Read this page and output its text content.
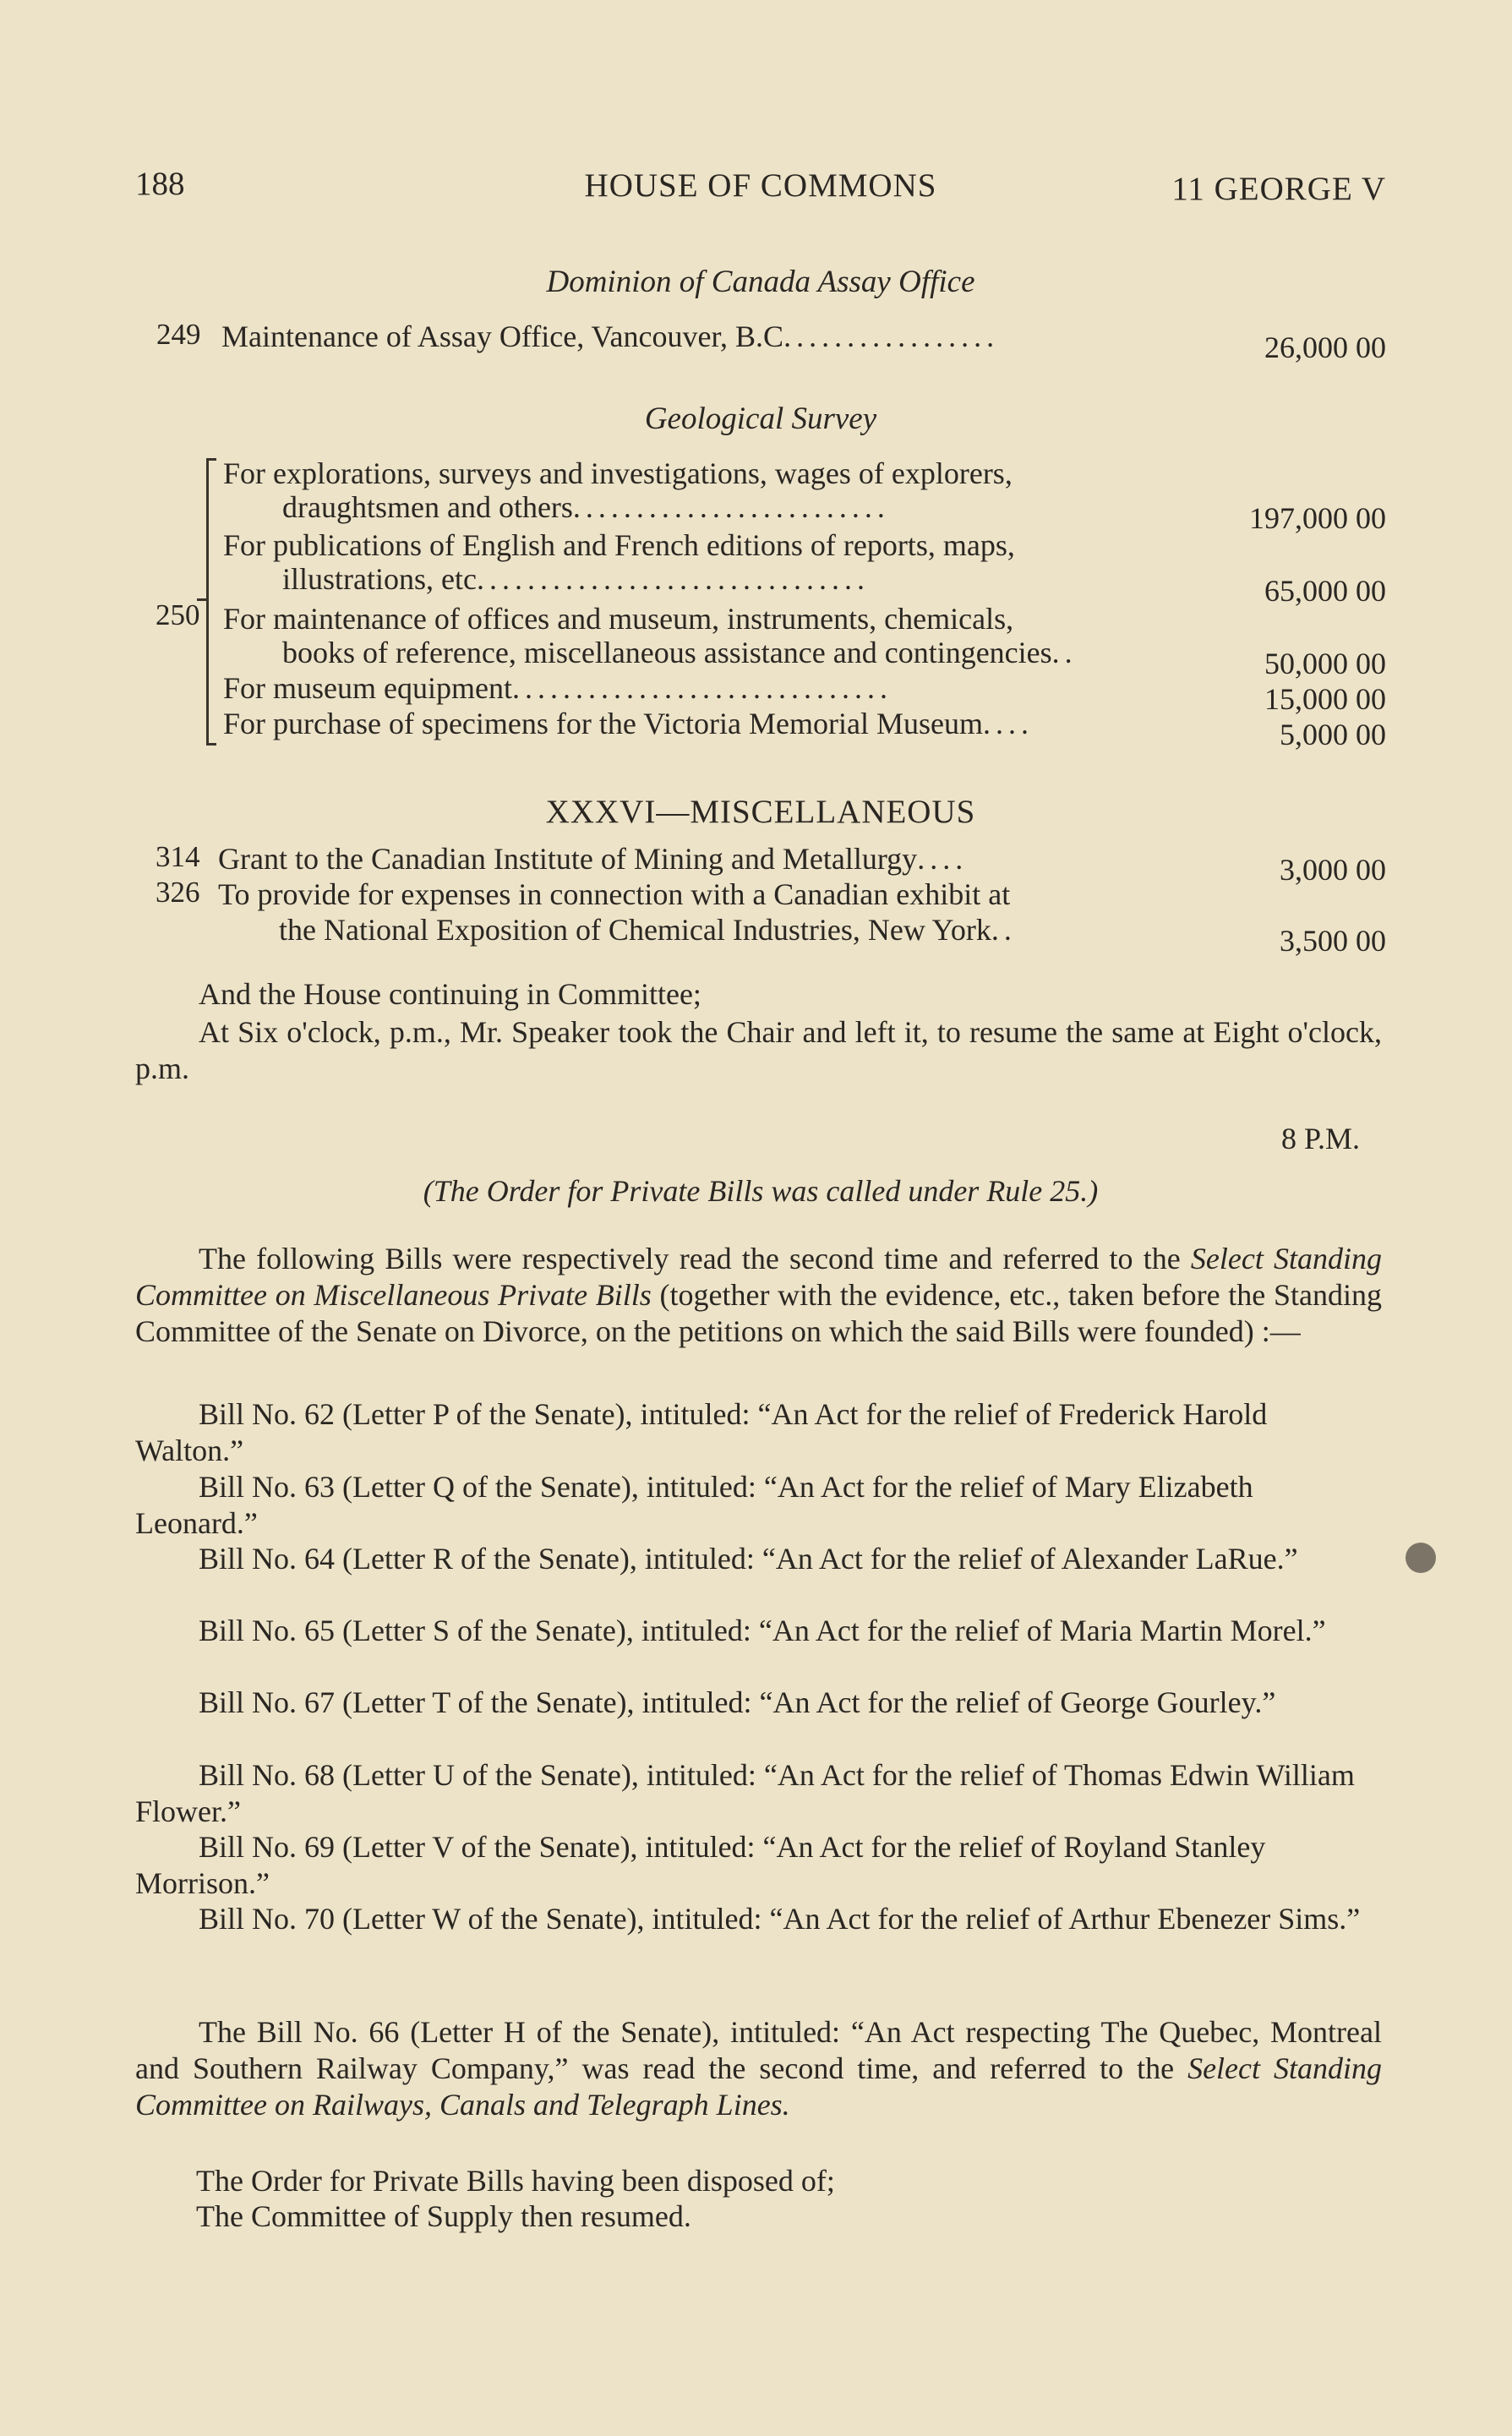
188	HOUSE OF COMMONS	11 GEORGE V
Dominion of Canada Assay Office
249 Maintenance of Assay Office, Vancouver, B.C.................	26,000 00
Geological Survey
250
For explorations, surveys and investigations, wages of explorers,
draughtsmen and others.........................	197,000 00
For publications of English and French editions of reports, maps,
illustrations, etc...............................	65,000 00
For maintenance of offices and museum, instruments, chemicals,
books of reference, miscellaneous assistance and contingencies..	50,000 00
For museum equipment..............................	15,000 00
For purchase of specimens for the Victoria Memorial Museum....	5,000 00
XXXVI—MISCELLANEOUS
314 Grant to the Canadian Institute of Mining and Metallurgy....	3,000 00
326 To provide for expenses in connection with a Canadian exhibit at
the National Exposition of Chemical Industries, New York..	3,500 00
And the House continuing in Committee;
At Six o'clock, p.m., Mr. Speaker took the Chair and left it, to resume the same at Eight o'clock, p.m.
8 P.M.
(The Order for Private Bills was called under Rule 25.)
The following Bills were respectively read the second time and referred to the Select Standing Committee on Miscellaneous Private Bills (together with the evidence, etc., taken before the Standing Committee of the Senate on Divorce, on the petitions on which the said Bills were founded) :—
Bill No. 62 (Letter P of the Senate), intituled: “An Act for the relief of Frederick Harold Walton.”
Bill No. 63 (Letter Q of the Senate), intituled: “An Act for the relief of Mary Elizabeth Leonard.”
Bill No. 64 (Letter R of the Senate), intituled: “An Act for the relief of Alexander LaRue.”
Bill No. 65 (Letter S of the Senate), intituled: “An Act for the relief of Maria Martin Morel.”
Bill No. 67 (Letter T of the Senate), intituled: “An Act for the relief of George Gourley.”
Bill No. 68 (Letter U of the Senate), intituled: “An Act for the relief of Thomas Edwin William Flower.”
Bill No. 69 (Letter V of the Senate), intituled: “An Act for the relief of Royland Stanley Morrison.”
Bill No. 70 (Letter W of the Senate), intituled: “An Act for the relief of Arthur Ebenezer Sims.”
The Bill No. 66 (Letter H of the Senate), intituled: “An Act respecting The Quebec, Montreal and Southern Railway Company,” was read the second time, and referred to the Select Standing Committee on Railways, Canals and Telegraph Lines.
The Order for Private Bills having been disposed of;
The Committee of Supply then resumed.
